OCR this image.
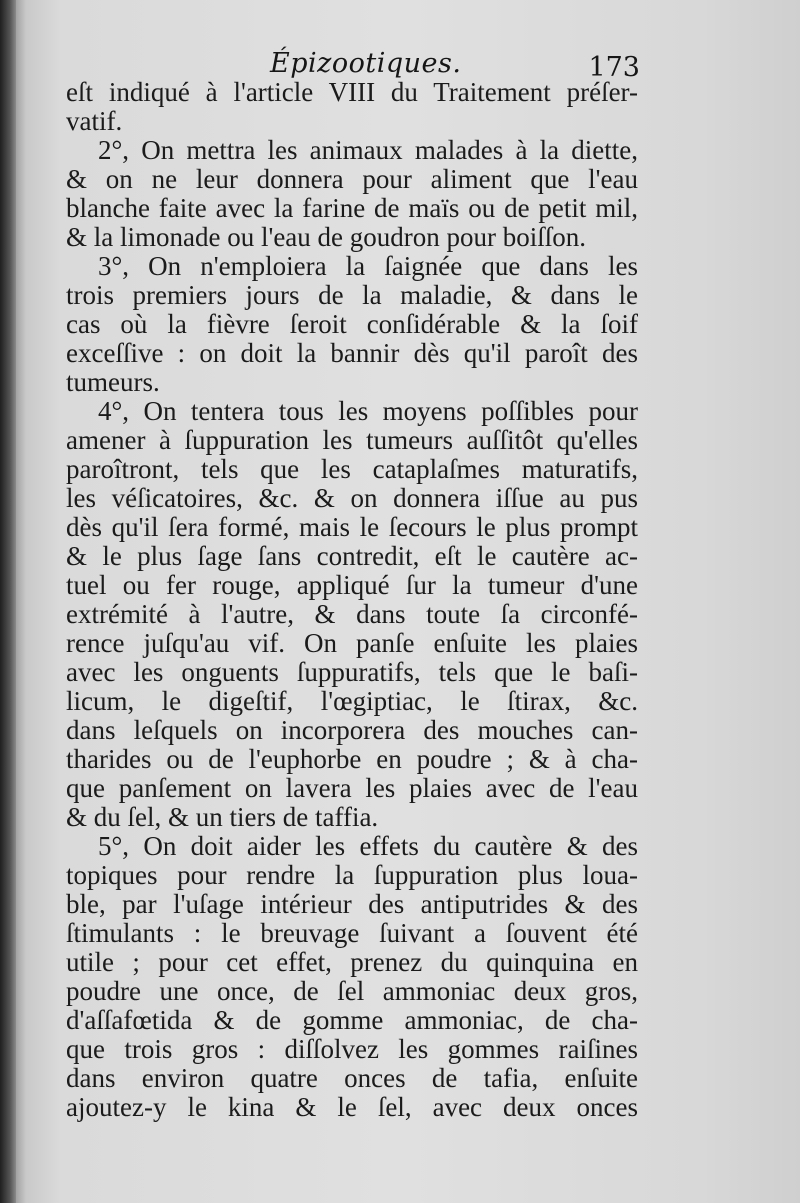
Épizootiques.	173
eſt indiqué à l'article VIII du Traitement préſer-
vatif.
2°, On mettra les animaux malades à la diette,
& on ne leur donnera pour aliment que l'eau
blanche faite avec la farine de maïs ou de petit mil,
& la limonade ou l'eau de goudron pour boiſſon.
3°, On n'emploiera la ſaignée que dans les
trois premiers jours de la maladie, & dans le
cas où la fièvre ſeroit conſidérable & la ſoif
exceſſive : on doit la bannir dès qu'il paroît des
tumeurs.
4°, On tentera tous les moyens poſſibles pour
amener à ſuppuration les tumeurs auſſitôt qu'elles
paroîtront, tels que les cataplaſmes maturatifs,
les véſicatoires, &c. & on donnera iſſue au pus
dès qu'il ſera formé, mais le ſecours le plus prompt
& le plus ſage ſans contredit, eſt le cautère ac-
tuel ou fer rouge, appliqué ſur la tumeur d'une
extrémité à l'autre, & dans toute ſa circonfé-
rence juſqu'au vif. On panſe enſuite les plaies
avec les onguents ſuppuratifs, tels que le baſi-
licum, le digeſtif, l'œgiptiac, le ſtirax, &c.
dans leſquels on incorporera des mouches can-
tharides ou de l'euphorbe en poudre ; & à cha-
que panſement on lavera les plaies avec de l'eau
& du ſel, & un tiers de taffia.
5°, On doit aider les effets du cautère & des
topiques pour rendre la ſuppuration plus loua-
ble, par l'uſage intérieur des antiputrides & des
ſtimulants : le breuvage ſuivant a ſouvent été
utile ; pour cet effet, prenez du quinquina en
poudre une once, de ſel ammoniac deux gros,
d'aſſafœtida & de gomme ammoniac, de cha-
que trois gros : diſſolvez les gommes raiſines
dans environ quatre onces de tafia, enſuite
ajoutez-y le kina & le ſel, avec deux onces
